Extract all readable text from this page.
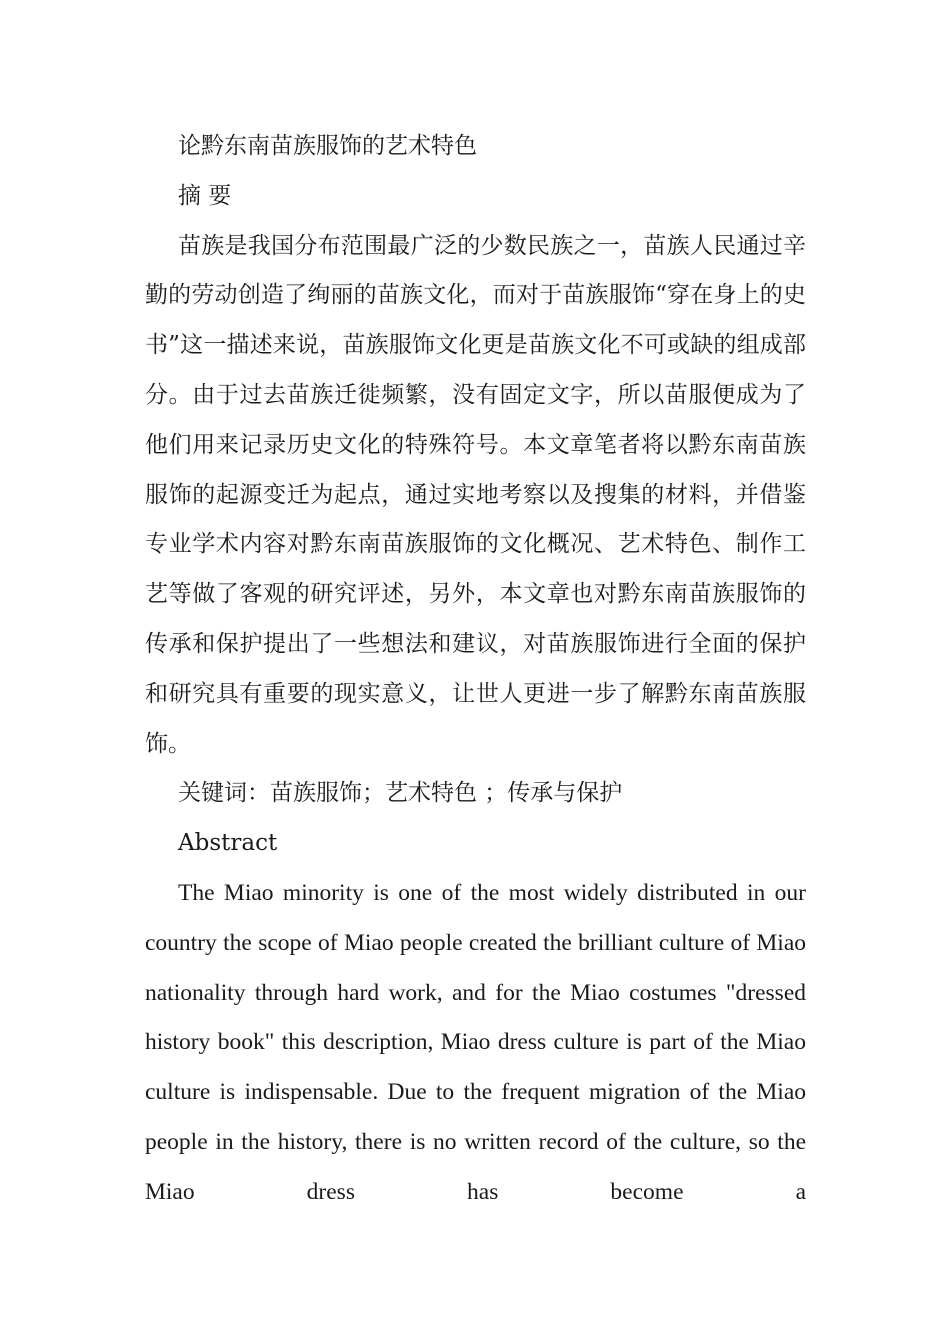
论黔东南苗族服饰的艺术特色

摘 要

苗族是我国分布范围最广泛的少数民族之一，苗族人民通过辛勤的劳动创造了绚丽的苗族文化，而对于苗族服饰“穿在身上的史书”这一描述来说，苗族服饰文化更是苗族文化不可或缺的组成部分。由于过去苗族迁徙频繁，没有固定文字，所以苗服便成为了他们用来记录历史文化的特殊符号。本文章笔者将以黔东南苗族服饰的起源变迁为起点，通过实地考察以及搜集的材料，并借鉴专业学术内容对黔东南苗族服饰的文化概况、艺术特色、制作工艺等做了客观的研究评述，另外，本文章也对黔东南苗族服饰的传承和保护提出了一些想法和建议，对苗族服饰进行全面的保护和研究具有重要的现实意义，让世人更进一步了解黔东南苗族服饰。

关键词：苗族服饰；艺术特色 ；传承与保护

Abstract

The Miao minority is one of the most widely distributed in our country the scope of Miao people created the brilliant culture of Miao nationality through hard work, and for the Miao costumes "dressed history book" this description, Miao dress culture is part of the Miao culture is indispensable. Due to the frequent migration of the Miao people in the history, there is no written record of the culture, so the Miao dress has become a
